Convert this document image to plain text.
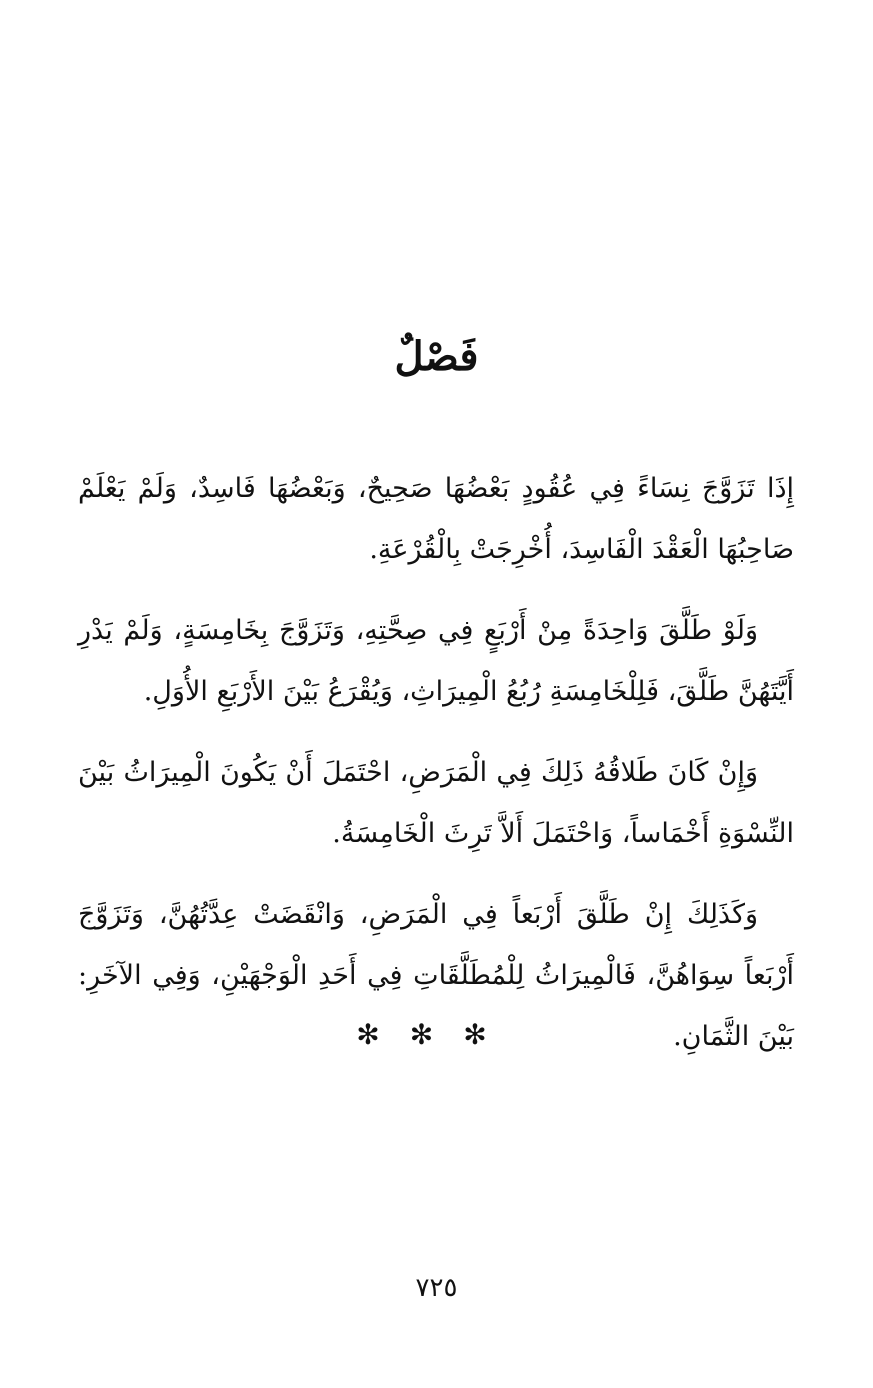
فَصْلٌ

إِذَا تَزَوَّجَ نِسَاءً فِي عُقُودٍ بَعْضُهَا صَحِيحٌ، وَبَعْضُهَا فَاسِدٌ، وَلَمْ يَعْلَمْ صَاحِبُهَا الْعَقْدَ الْفَاسِدَ، أُخْرِجَتْ بِالْقُرْعَةِ.

وَلَوْ طَلَّقَ وَاحِدَةً مِنْ أَرْبَعٍ فِي صِحَّتِهِ، وَتَزَوَّجَ بِخَامِسَةٍ، وَلَمْ يَدْرِ أَيَّتَهُنَّ طَلَّقَ، فَلِلْخَامِسَةِ رُبُعُ الْمِيرَاثِ، وَيُقْرَعُ بَيْنَ الأَرْبَعِ الأُوَلِ.

وَإِنْ كَانَ طَلاقُهُ ذَلِكَ فِي الْمَرَضِ، احْتَمَلَ أَنْ يَكُونَ الْمِيرَاثُ بَيْنَ النِّسْوَةِ أَخْمَاساً، وَاحْتَمَلَ أَلاَّ تَرِثَ الْخَامِسَةُ.

وَكَذَلِكَ إِنْ طَلَّقَ أَرْبَعاً فِي الْمَرَضِ، وَانْقَضَتْ عِدَّتُهُنَّ، وَتَزَوَّجَ أَرْبَعاً سِوَاهُنَّ، فَالْمِيرَاثُ لِلْمُطَلَّقَاتِ فِي أَحَدِ الْوَجْهَيْنِ، وَفِي الآخَرِ: بَيْنَ الثَّمَانِ.

✻✻✻
٧٢٥
